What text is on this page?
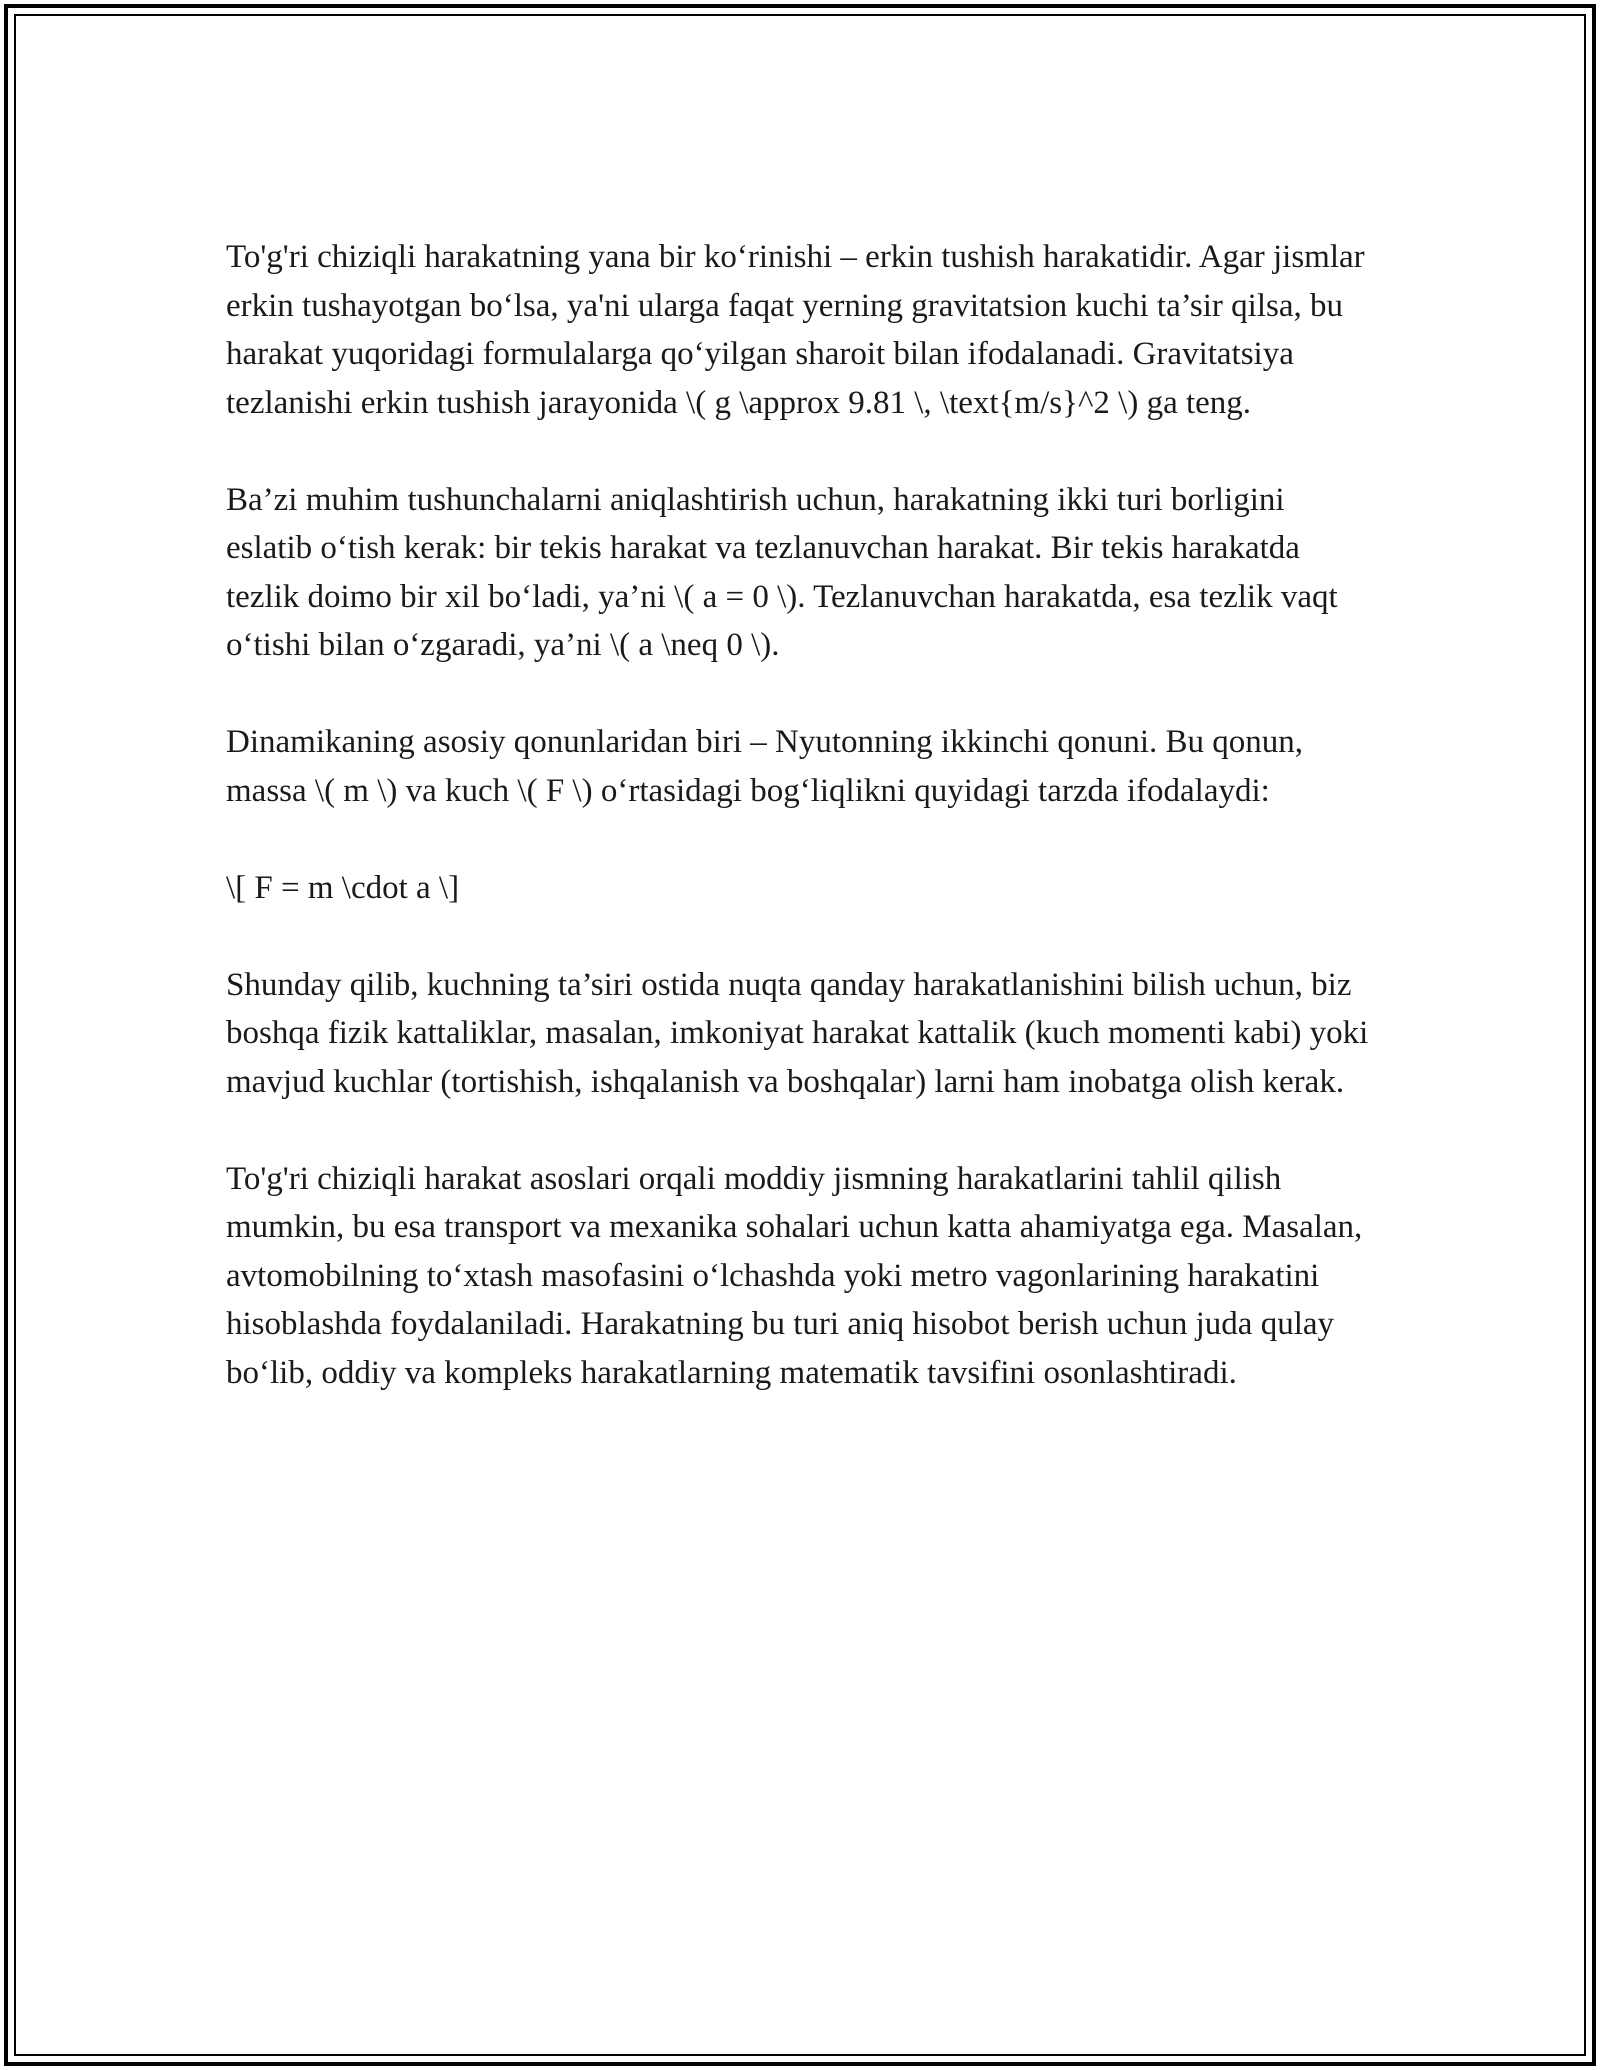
To'g'ri chiziqli harakatning yana bir ko‘rinishi – erkin tushish harakatidir. Agar jismlar erkin tushayotgan bo‘lsa, ya'ni ularga faqat yerning gravitatsion kuchi ta’sir qilsa, bu harakat yuqoridagi formulalarga qo‘yilgan sharoit bilan ifodalanadi. Gravitatsiya tezlanishi erkin tushish jarayonida \( g \approx 9.81 \, \text{m/s}^2 \) ga teng.

Ba’zi muhim tushunchalarni aniqlashtirish uchun, harakatning ikki turi borligini eslatib o‘tish kerak: bir tekis harakat va tezlanuvchan harakat. Bir tekis harakatda tezlik doimo bir xil bo‘ladi, ya’ni \( a = 0 \). Tezlanuvchan harakatda, esa tezlik vaqt o‘tishi bilan o‘zgaradi, ya’ni \( a \neq 0 \).

Dinamikaning asosiy qonunlaridan biri – Nyutonning ikkinchi qonuni. Bu qonun, massa \( m \) va kuch \( F \) o‘rtasidagi bog‘liqlikni quyidagi tarzda ifodalaydi:

\[ F = m \cdot a \]

Shunday qilib, kuchning ta’siri ostida nuqta qanday harakatlanishini bilish uchun, biz boshqa fizik kattaliklar, masalan, imkoniyat harakat kattalik (kuch momenti kabi) yoki mavjud kuchlar (tortishish, ishqalanish va boshqalar) larni ham inobatga olish kerak.

To'g'ri chiziqli harakat asoslari orqali moddiy jismning harakatlarini tahlil qilish mumkin, bu esa transport va mexanika sohalari uchun katta ahamiyatga ega. Masalan, avtomobilning to‘xtash masofasini o‘lchashda yoki metro vagonlarining harakatini hisoblashda foydalaniladi. Harakatning bu turi aniq hisobot berish uchun juda qulay bo‘lib, oddiy va kompleks harakatlarning matematik tavsifini osonlashtiradi.
